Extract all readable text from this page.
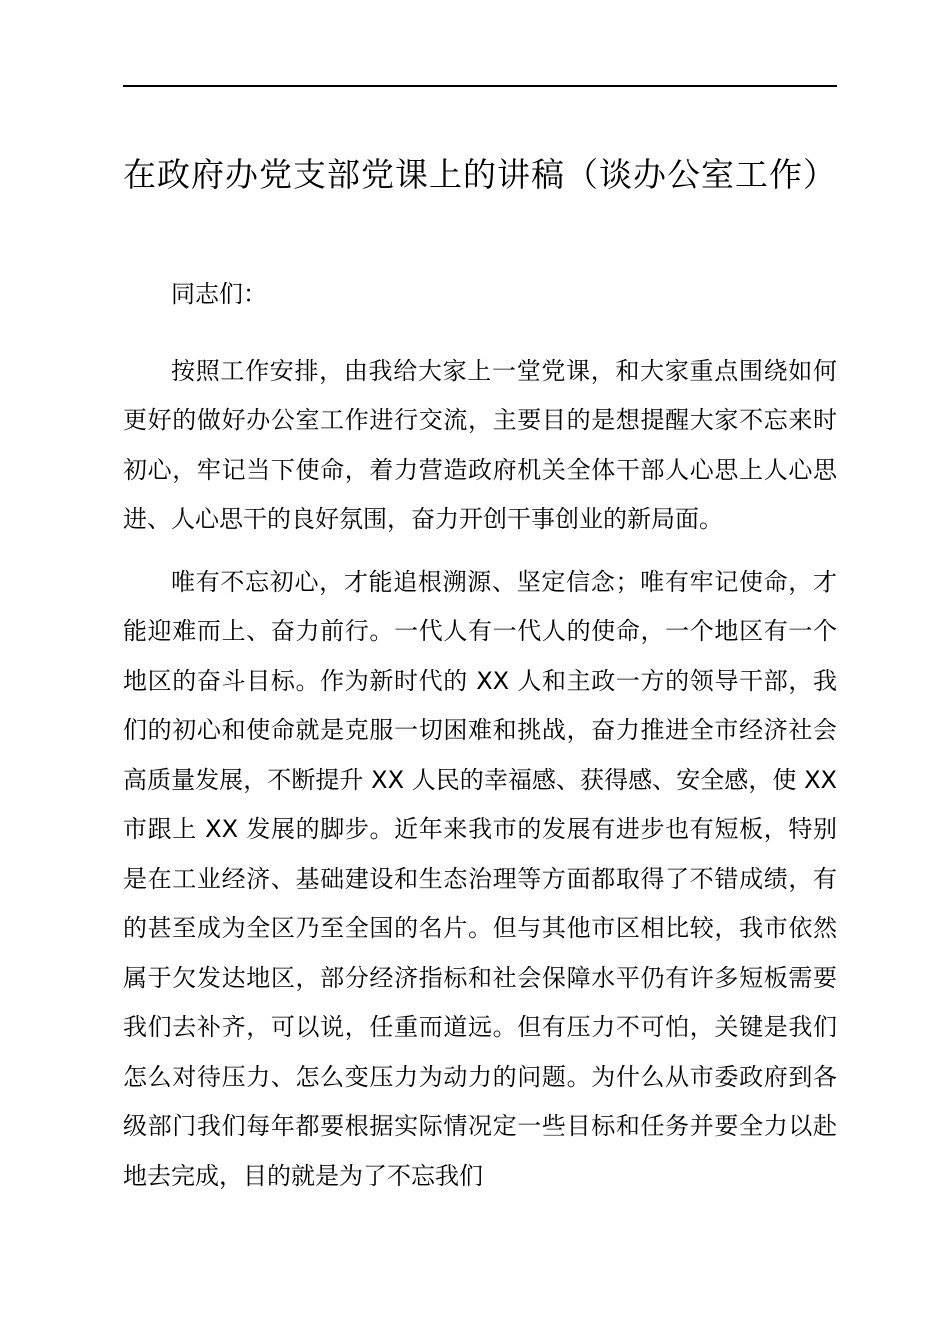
在政府办党支部党课上的讲稿（谈办公室工作）

同志们：

按照工作安排，由我给大家上一堂党课，和大家重点围绕如何更好的做好办公室工作进行交流，主要目的是想提醒大家不忘来时初心，牢记当下使命，着力营造政府机关全体干部人心思上人心思进、人心思干的良好氛围，奋力开创干事创业的新局面。

唯有不忘初心，才能追根溯源、坚定信念；唯有牢记使命，才能迎难而上、奋力前行。一代人有一代人的使命，一个地区有一个地区的奋斗目标。作为新时代的 XX 人和主政一方的领导干部，我们的初心和使命就是克服一切困难和挑战，奋力推进全市经济社会高质量发展，不断提升 XX 人民的幸福感、获得感、安全感，使 XX 市跟上 XX 发展的脚步。近年来我市的发展有进步也有短板，特别是在工业经济、基础建设和生态治理等方面都取得了不错成绩，有的甚至成为全区乃至全国的名片。但与其他市区相比较，我市依然属于欠发达地区，部分经济指标和社会保障水平仍有许多短板需要我们去补齐，可以说，任重而道远。但有压力不可怕，关键是我们怎么对待压力、怎么变压力为动力的问题。为什么从市委政府到各级部门我们每年都要根据实际情况定一些目标和任务并要全力以赴地去完成，目的就是为了不忘我们
